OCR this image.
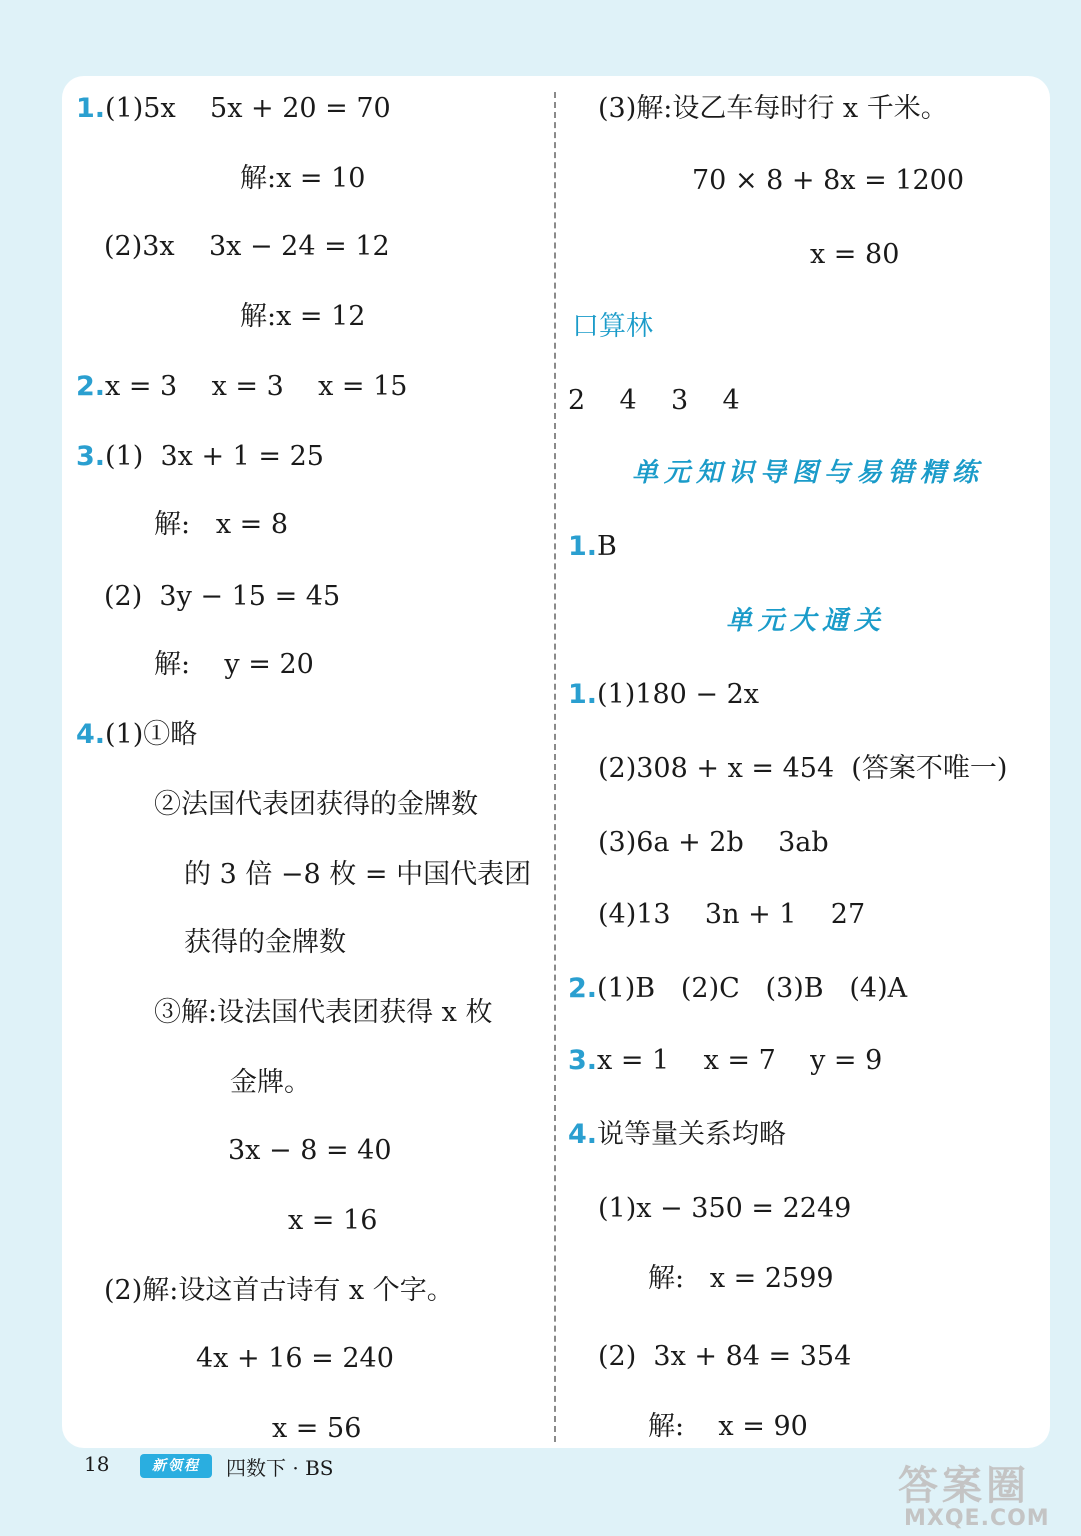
1.(1)5x    5x + 20 = 70
解:x = 10
(2)3x    3x − 24 = 12
解:x = 12
2.x = 3    x = 3    x = 15
3.(1)  3x + 1 = 25
解:   x = 8
(2)  3y − 15 = 45
解:    y = 20
4.(1)①略
②法国代表团获得的金牌数
的 3 倍 −8 枚 = 中国代表团
获得的金牌数
③解:设法国代表团获得 x 枚
金牌。
3x − 8 = 40
x = 16
(2)解:设这首古诗有 x 个字。
4x + 16 = 240
x = 56
(3)解:设乙车每时行 x 千米。
70 × 8 + 8x = 1200
x = 80
2    4    3    4
1.B
1.(1)180 − 2x
(2)308 + x = 454  (答案不唯一)
(3)6a + 2b    3ab
(4)13    3n + 1    27
2.(1)B   (2)C   (3)B   (4)A
3.x = 1    x = 7    y = 9
4.说等量关系均略
(1)x − 350 = 2249
解:   x = 2599
(2)  3x + 84 = 354
解:    x = 90
口算林
单元知识导图与易错精练
单元大通关
18	新领程	四数下 · BS	答案圈
MXQE.COM
